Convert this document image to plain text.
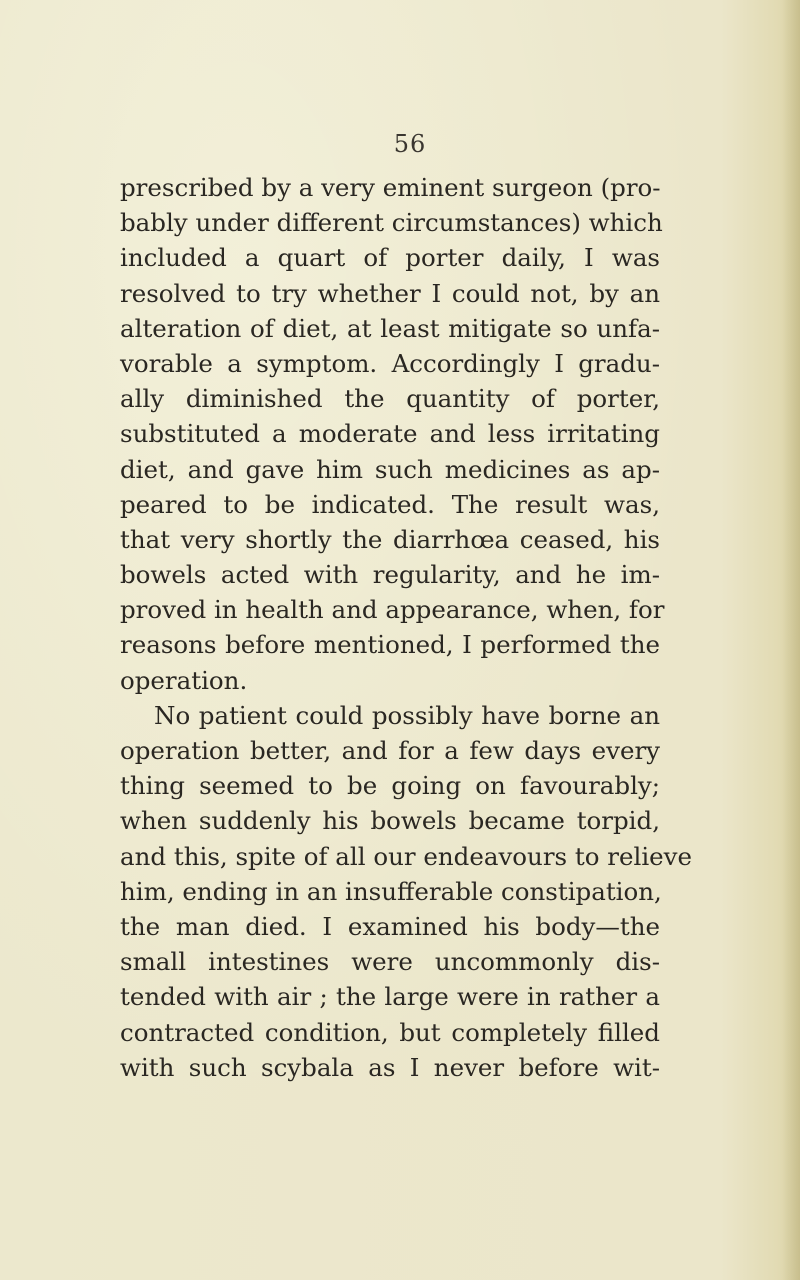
56
prescribed by a very eminent surgeon (pro-
bably under different circumstances) which
included a quart of porter daily, I was
resolved to try whether I could not, by an
alteration of diet, at least mitigate so unfa-
vorable a symptom. Accordingly I gradu-
ally diminished the quantity of porter,
substituted a moderate and less irritating
diet, and gave him such medicines as ap-
peared to be indicated. The result was,
that very shortly the diarrhœa ceased, his
bowels acted with regularity, and he im-
proved in health and appearance, when, for
reasons before mentioned, I performed the
operation.
No patient could possibly have borne an
operation better, and for a few days every
thing seemed to be going on favourably;
when suddenly his bowels became torpid,
and this, spite of all our endeavours to relieve
him, ending in an insufferable constipation,
the man died. I examined his body—the
small intestines were uncommonly dis-
tended with air ; the large were in rather a
contracted condition, but completely filled
with such scybala as I never before wit-
